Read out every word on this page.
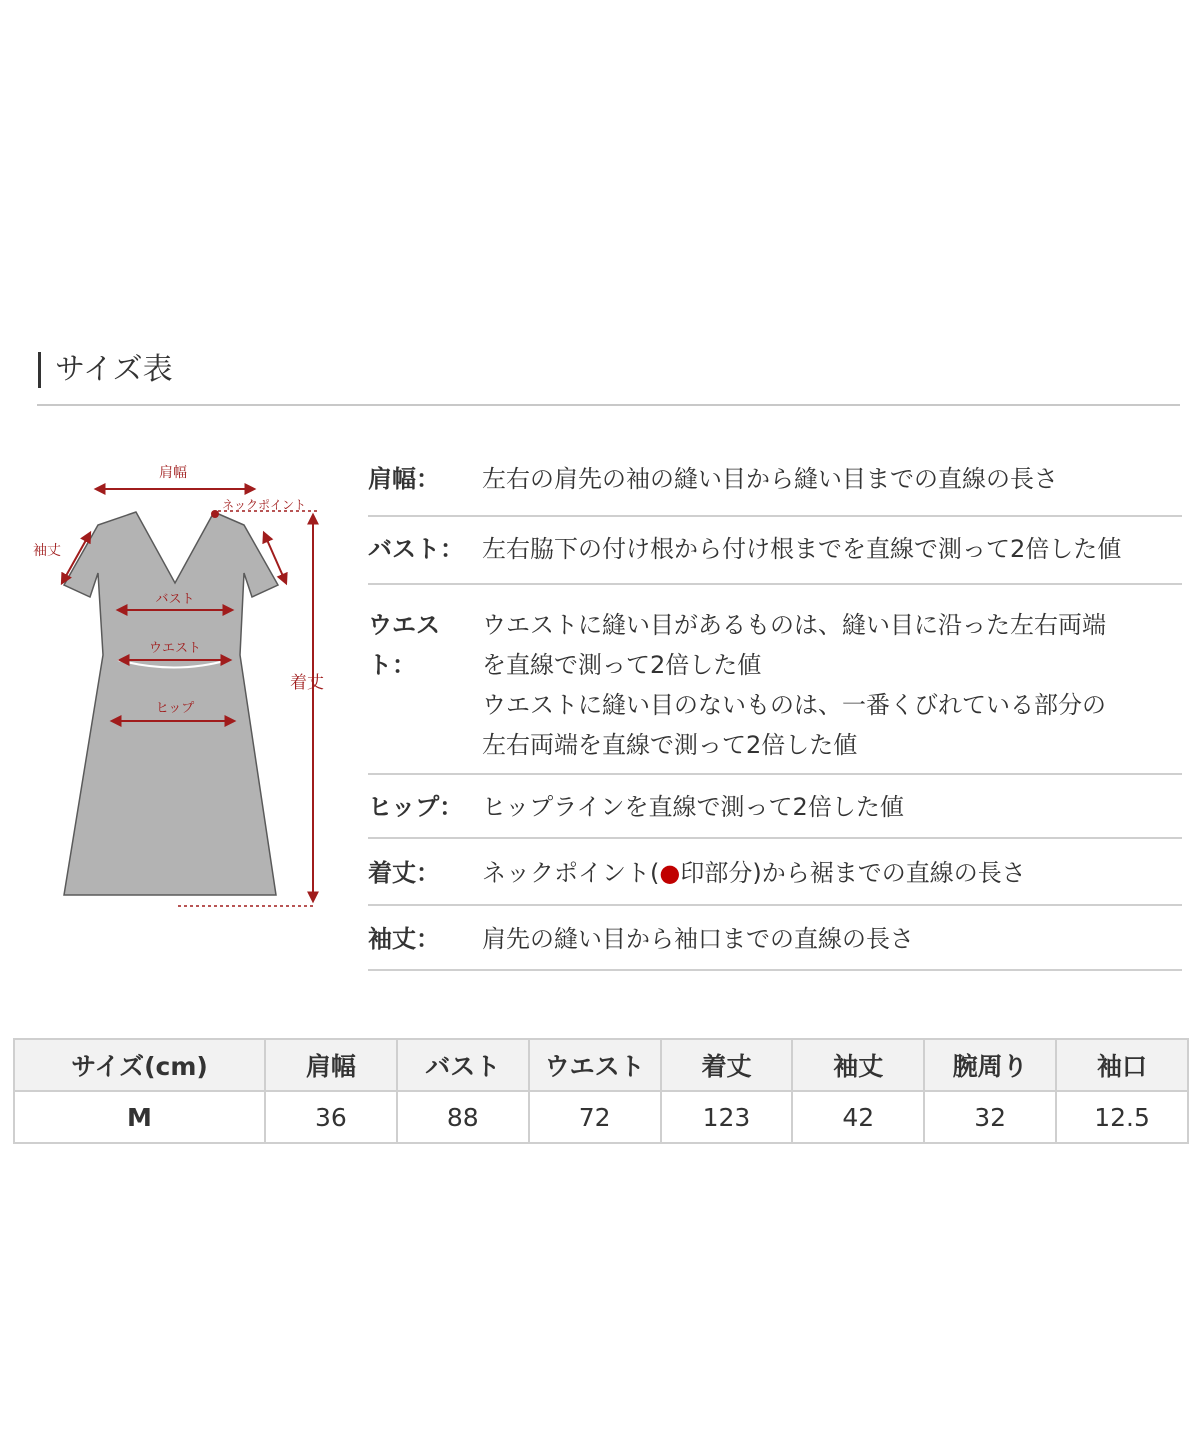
サイズ表
肩幅
ネックポイント
袖丈
バスト
ウエスト
ヒップ
着丈
肩幅：	左右の肩先の袖の縫い目から縫い目までの直線の長さ
バスト： 左右脇下の付け根から付け根までを直線で測って2倍した値
ウエスト：
ウエストに縫い目があるものは、縫い目に沿った左右両端
を直線で測って2倍した値
ウエストに縫い目のないものは、一番くびれている部分の
左右両端を直線で測って2倍した値
ヒップ： ヒップラインを直線で測って2倍した値
着丈：	ネックポイント(●印部分)から裾までの直線の長さ
袖丈：	肩先の縫い目から袖口までの直線の長さ
サイズ(cm)	肩幅	バスト	ウエスト	着丈	袖丈	腕周り	袖口
M	36	88	72	123	42	32	12.5
